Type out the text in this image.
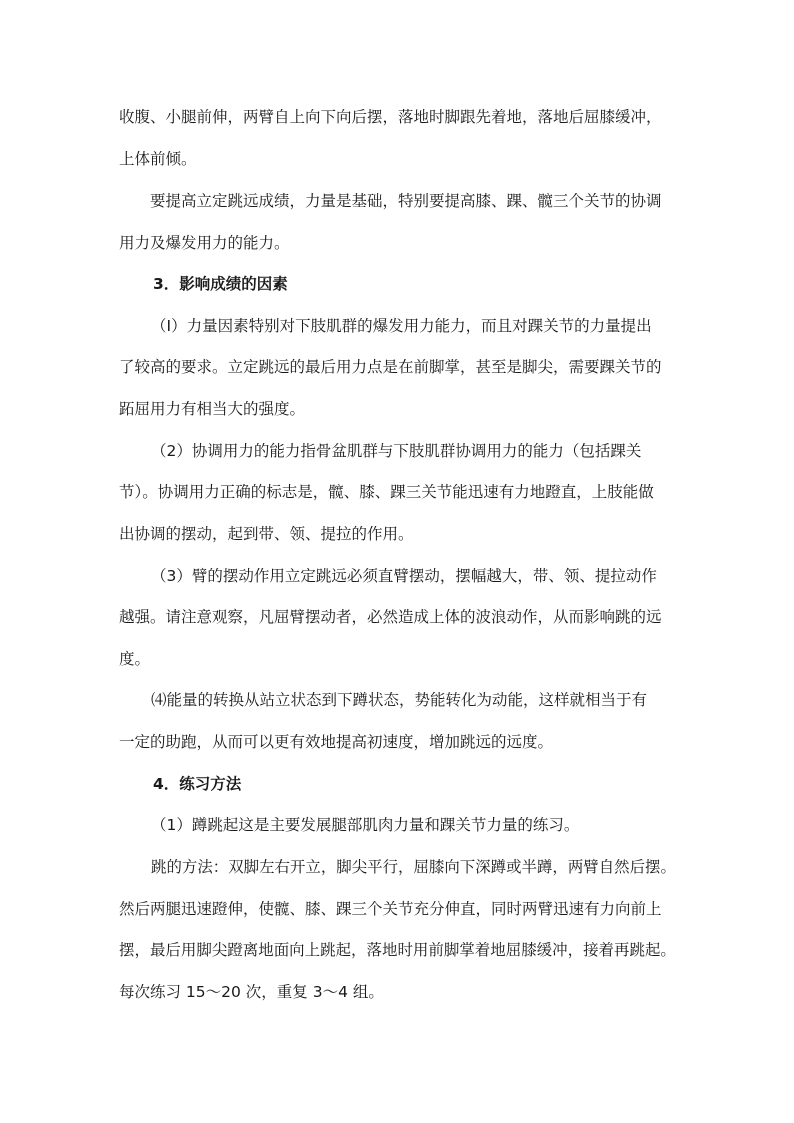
收腹、小腿前伸，两臂自上向下向后摆，落地时脚跟先着地，落地后屈膝缓冲，
上体前倾。
要提高立定跳远成绩，力量是基础，特别要提高膝、踝、髋三个关节的协调
用力及爆发用力的能力。
3．影响成绩的因素
（Ⅰ）力量因素特别对下肢肌群的爆发用力能力，而且对踝关节的力量提出
了较高的要求。立定跳远的最后用力点是在前脚掌，甚至是脚尖，需要踝关节的
跖屈用力有相当大的强度。
（2）协调用力的能力指骨盆肌群与下肢肌群协调用力的能力（包括踝关
节）。协调用力正确的标志是，髋、膝、踝三关节能迅速有力地蹬直，上肢能做
出协调的摆动，起到带、领、提拉的作用。
（3）臂的摆动作用立定跳远必须直臂摆动，摆幅越大，带、领、提拉动作
越强。请注意观察，凡屈臂摆动者，必然造成上体的波浪动作，从而影响跳的远
度。
⑷能量的转换从站立状态到下蹲状态，势能转化为动能，这样就相当于有
一定的助跑，从而可以更有效地提高初速度，增加跳远的远度。
4．练习方法
（1）蹲跳起这是主要发展腿部肌肉力量和踝关节力量的练习。
跳的方法：双脚左右开立，脚尖平行，屈膝向下深蹲或半蹲，两臂自然后摆。
然后两腿迅速蹬伸，使髋、膝、踝三个关节充分伸直，同时两臂迅速有力向前上
摆，最后用脚尖蹬离地面向上跳起，落地时用前脚掌着地屈膝缓冲，接着再跳起。
每次练习 15～20 次，重复 3～4 组。
